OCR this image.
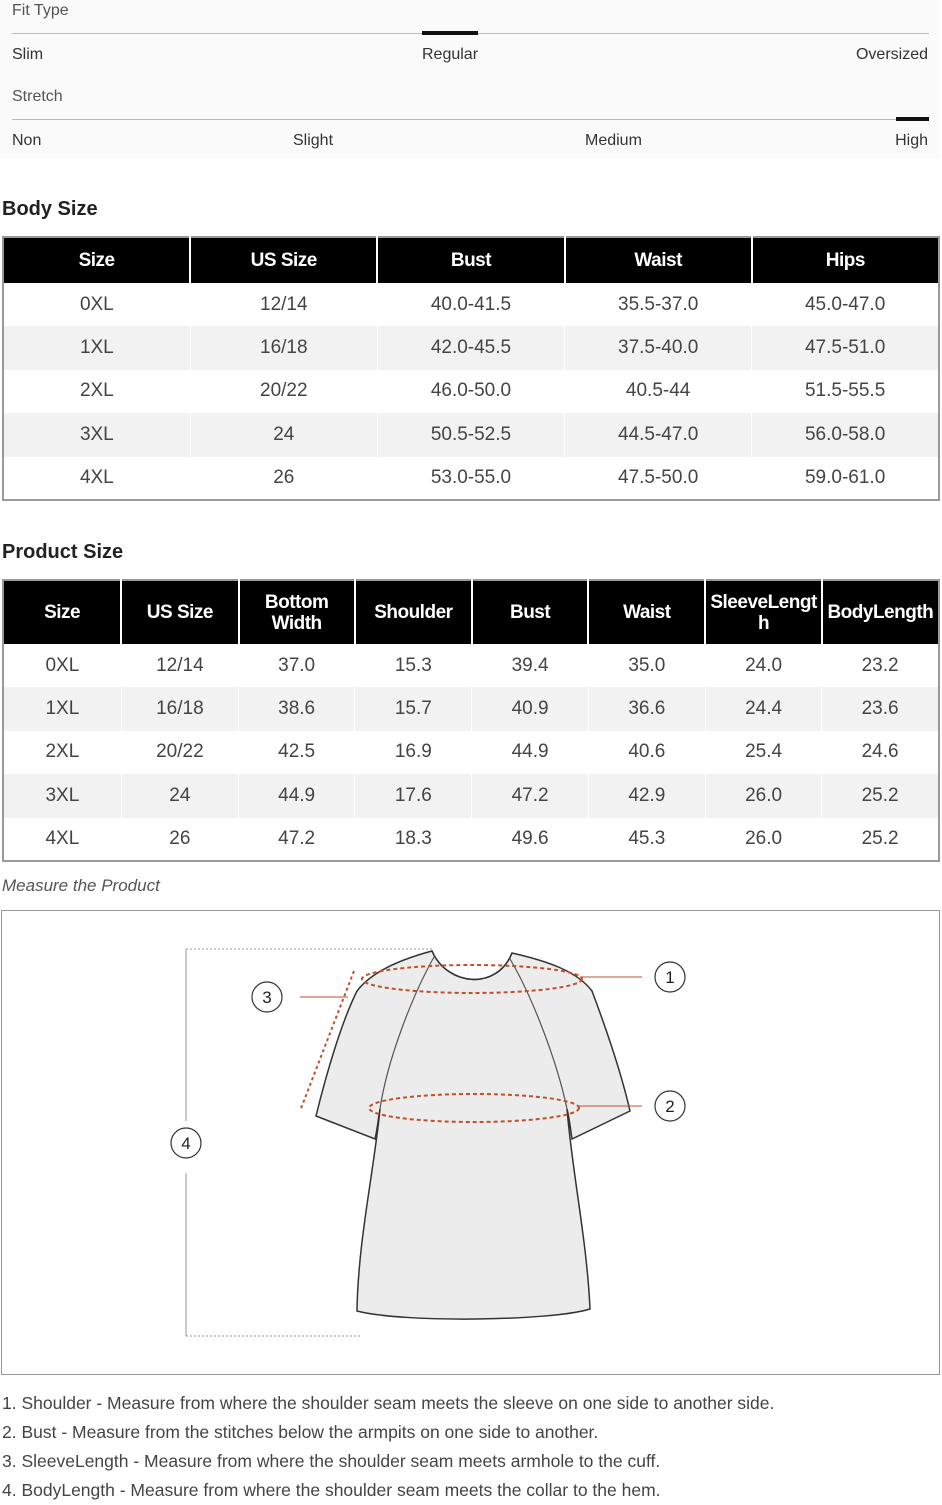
Fit Type
Slim	Regular	Oversized
Stretch
Non	Slight	Medium	High
Body Size
Size	US Size	Bust	Waist	Hips
0XL	12/14	40.0-41.5	35.5-37.0	45.0-47.0
1XL	16/18	42.0-45.5	37.5-40.0	47.5-51.0
2XL	20/22	46.0-50.0	40.5-44	51.5-55.5
3XL	24	50.5-52.5	44.5-47.0	56.0-58.0
4XL	26	53.0-55.0	47.5-50.0	59.0-61.0
Product Size
Size	US Size	Bottom Width	Shoulder	Bust	Waist	SleeveLength	BodyLength
0XL	12/14	37.0	15.3	39.4	35.0	24.0	23.2
1XL	16/18	38.6	15.7	40.9	36.6	24.4	23.6
2XL	20/22	42.5	16.9	44.9	40.6	25.4	24.6
3XL	24	44.9	17.6	47.2	42.9	26.0	25.2
4XL	26	47.2	18.3	49.6	45.3	26.0	25.2
Measure the Product
1
2
3
4
1. Shoulder - Measure from where the shoulder seam meets the sleeve on one side to another side.
2. Bust - Measure from the stitches below the armpits on one side to another.
3. SleeveLength - Measure from where the shoulder seam meets armhole to the cuff.
4. BodyLength - Measure from where the shoulder seam meets the collar to the hem.
